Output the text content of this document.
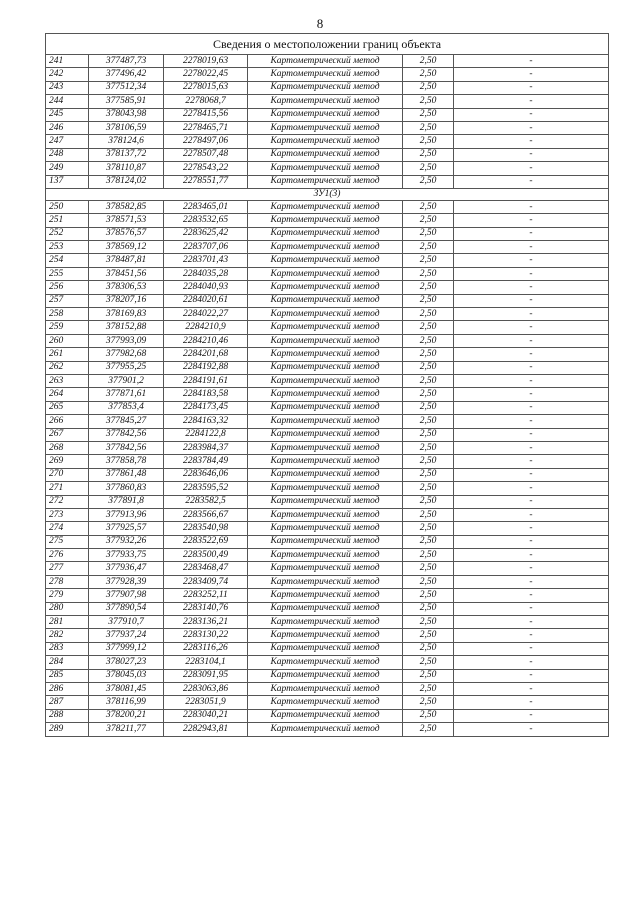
8
Сведения о местоположении границ объекта					
241	377487,73	2278019,63	Картометрический метод	2,50	-
242	377496,42	2278022,45	Картометрический метод	2,50	-
243	377512,34	2278015,63	Картометрический метод	2,50	-
244	377585,91	2278068,7	Картометрический метод	2,50	-
245	378043,98	2278415,56	Картометрический метод	2,50	-
246	378106,59	2278465,71	Картометрический метод	2,50	-
247	378124,6	2278497,06	Картометрический метод	2,50	-
248	378137,72	2278507,48	Картометрический метод	2,50	-
249	378110,87	2278543,22	Картометрический метод	2,50	-
137	378124,02	2278551,77	Картометрический метод	2,50	-
ЗУ1(3)					
250	378582,85	2283465,01	Картометрический метод	2,50	-
251	378571,53	2283532,65	Картометрический метод	2,50	-
252	378576,57	2283625,42	Картометрический метод	2,50	-
253	378569,12	2283707,06	Картометрический метод	2,50	-
254	378487,81	2283701,43	Картометрический метод	2,50	-
255	378451,56	2284035,28	Картометрический метод	2,50	-
256	378306,53	2284040,93	Картометрический метод	2,50	-
257	378207,16	2284020,61	Картометрический метод	2,50	-
258	378169,83	2284022,27	Картометрический метод	2,50	-
259	378152,88	2284210,9	Картометрический метод	2,50	-
260	377993,09	2284210,46	Картометрический метод	2,50	-
261	377982,68	2284201,68	Картометрический метод	2,50	-
262	377955,25	2284192,88	Картометрический метод	2,50	-
263	377901,2	2284191,61	Картометрический метод	2,50	-
264	377871,61	2284183,58	Картометрический метод	2,50	-
265	377853,4	2284173,45	Картометрический метод	2,50	-
266	377845,27	2284163,32	Картометрический метод	2,50	-
267	377842,56	2284122,8	Картометрический метод	2,50	-
268	377842,56	2283984,37	Картометрический метод	2,50	-
269	377858,78	2283784,49	Картометрический метод	2,50	-
270	377861,48	2283646,06	Картометрический метод	2,50	-
271	377860,83	2283595,52	Картометрический метод	2,50	-
272	377891,8	2283582,5	Картометрический метод	2,50	-
273	377913,96	2283566,67	Картометрический метод	2,50	-
274	377925,57	2283540,98	Картометрический метод	2,50	-
275	377932,26	2283522,69	Картометрический метод	2,50	-
276	377933,75	2283500,49	Картометрический метод	2,50	-
277	377936,47	2283468,47	Картометрический метод	2,50	-
278	377928,39	2283409,74	Картометрический метод	2,50	-
279	377907,98	2283252,11	Картометрический метод	2,50	-
280	377890,54	2283140,76	Картометрический метод	2,50	-
281	377910,7	2283136,21	Картометрический метод	2,50	-
282	377937,24	2283130,22	Картометрический метод	2,50	-
283	377999,12	2283116,26	Картометрический метод	2,50	-
284	378027,23	2283104,1	Картометрический метод	2,50	-
285	378045,03	2283091,95	Картометрический метод	2,50	-
286	378081,45	2283063,86	Картометрический метод	2,50	-
287	378116,99	2283051,9	Картометрический метод	2,50	-
288	378200,21	2283040,21	Картометрический метод	2,50	-
289	378211,77	2282943,81	Картометрический метод	2,50	-
